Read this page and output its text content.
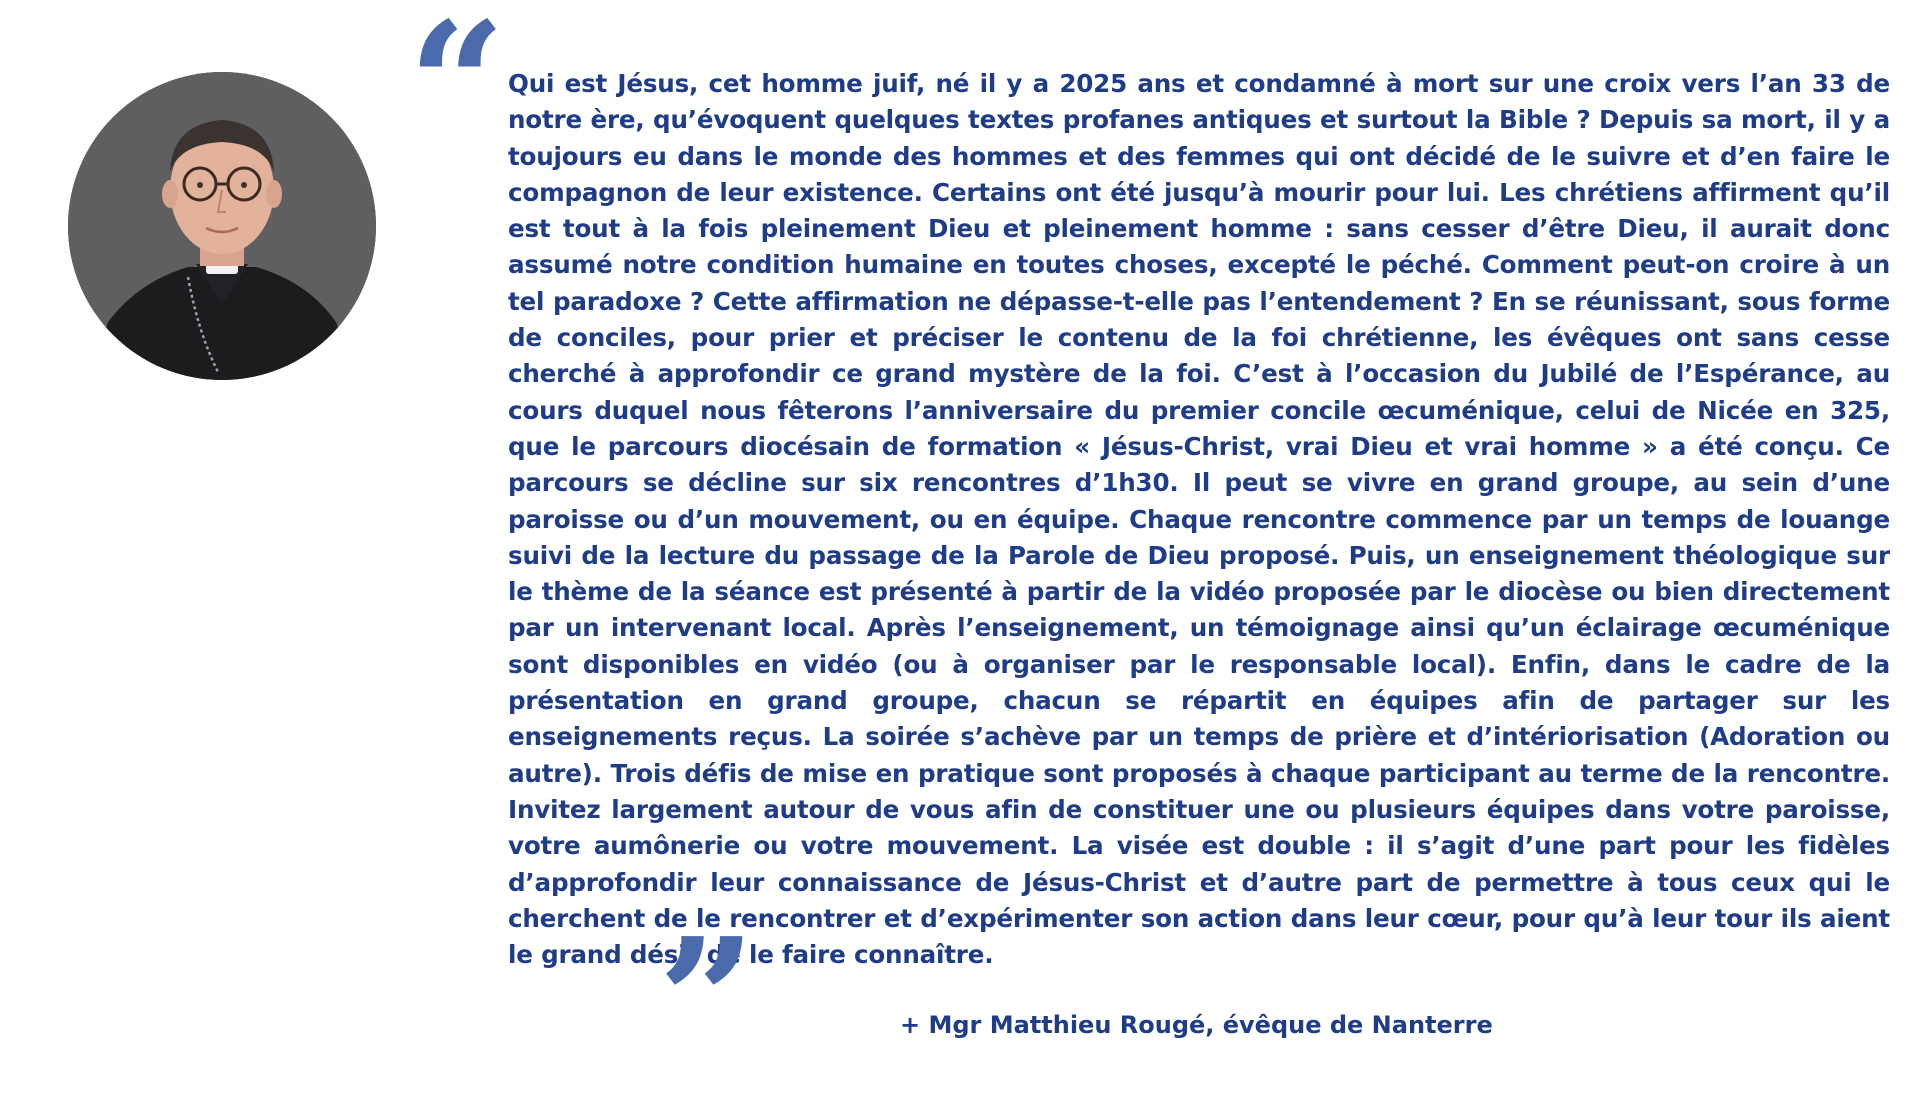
“ Qui est Jésus, cet homme juif, né il y a 2025 ans et condamné à mort sur une croix vers l’an 33 de notre ère, qu’évoquent quelques textes profanes antiques et surtout la Bible ? Depuis sa mort, il y a toujours eu dans le monde des hommes et des femmes qui ont décidé de le suivre et d’en faire le compagnon de leur existence. Certains ont été jusqu’à mourir pour lui. Les chrétiens affirment qu’il est tout à la fois pleinement Dieu et pleinement homme : sans cesser d’être Dieu, il aurait donc assumé notre condition humaine en toutes choses, excepté le péché. Comment peut-on croire à un tel paradoxe ? Cette affirmation ne dépasse-t-elle pas l’entendement ? En se réunissant, sous forme de conciles, pour prier et préciser le contenu de la foi chrétienne, les évêques ont sans cesse cherché à approfondir ce grand mystère de la foi. C’est à l’occasion du Jubilé de l’Espérance, au cours duquel nous fêterons l’anniversaire du premier concile œcuménique, celui de Nicée en 325, que le parcours diocésain de formation « Jésus-Christ, vrai Dieu et vrai homme » a été conçu. Ce parcours se décline sur six rencontres d’1h30. Il peut se vivre en grand groupe, au sein d’une paroisse ou d’un mouvement, ou en équipe. Chaque rencontre commence par un temps de louange suivi de la lecture du passage de la Parole de Dieu proposé. Puis, un enseignement théologique sur le thème de la séance est présenté à partir de la vidéo proposée par le diocèse ou bien directement par un intervenant local. Après l’enseignement, un témoignage ainsi qu’un éclairage œcuménique sont disponibles en vidéo (ou à organiser par le responsable local). Enfin, dans le cadre de la présentation en grand groupe, chacun se répartit en équipes afin de partager sur les enseignements reçus. La soirée s’achève par un temps de prière et d’intériorisation (Adoration ou autre). Trois défis de mise en pratique sont proposés à chaque participant au terme de la rencontre. Invitez largement autour de vous afin de constituer une ou plusieurs équipes dans votre paroisse, votre aumônerie ou votre mouvement. La visée est double : il s’agit d’une part pour les fidèles d’approfondir leur connaissance de Jésus-Christ et d’autre part de permettre à tous ceux qui le cherchent de le rencontrer et d’expérimenter son action dans leur cœur, pour qu’à leur tour ils aient le grand désir de le faire connaître.

”	+ Mgr Matthieu Rougé, évêque de Nanterre
